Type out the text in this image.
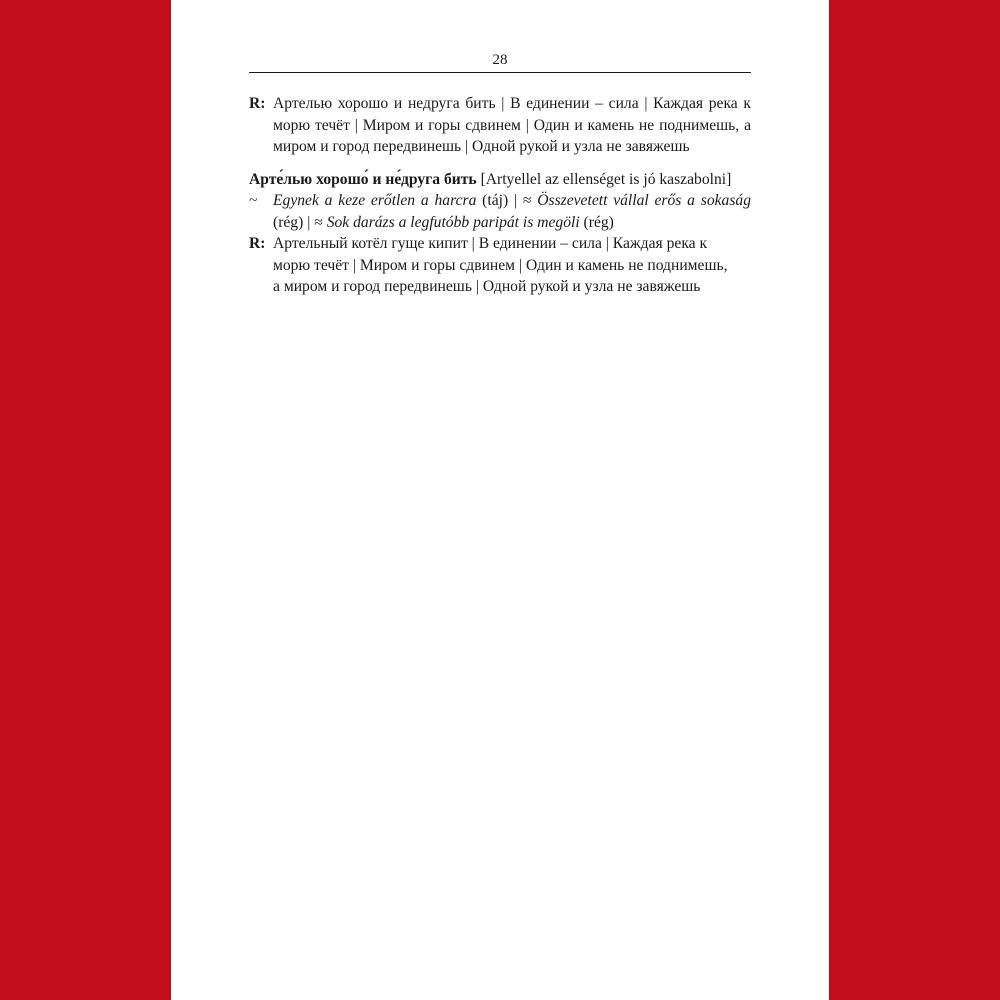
28
R: Артелью хорошо и недруга бить | В единении – сила | Каждая река к морю течёт | Миром и горы сдвинем | Один и камень не поднимешь, а миром и город передвинешь | Одной рукой и узла не завяжешь
Арте́лью хорошо́ и не́друга бить [Artyellel az ellenséget is jó kaszabolni]
~ Egynek a keze erőtlen a harcra (táj) | ≈ Összevetett vállal erős a sokaság (rég) | ≈ Sok darázs a legfutóbb paripát is megöli (rég)
R: Артельный котёл гуще кипит | В единении – сила | Каждая река к
морю течёт | Миром и горы сдвинем | Один и камень не поднимешь,
а миром и город передвинешь | Одной рукой и узла не завяжешь
